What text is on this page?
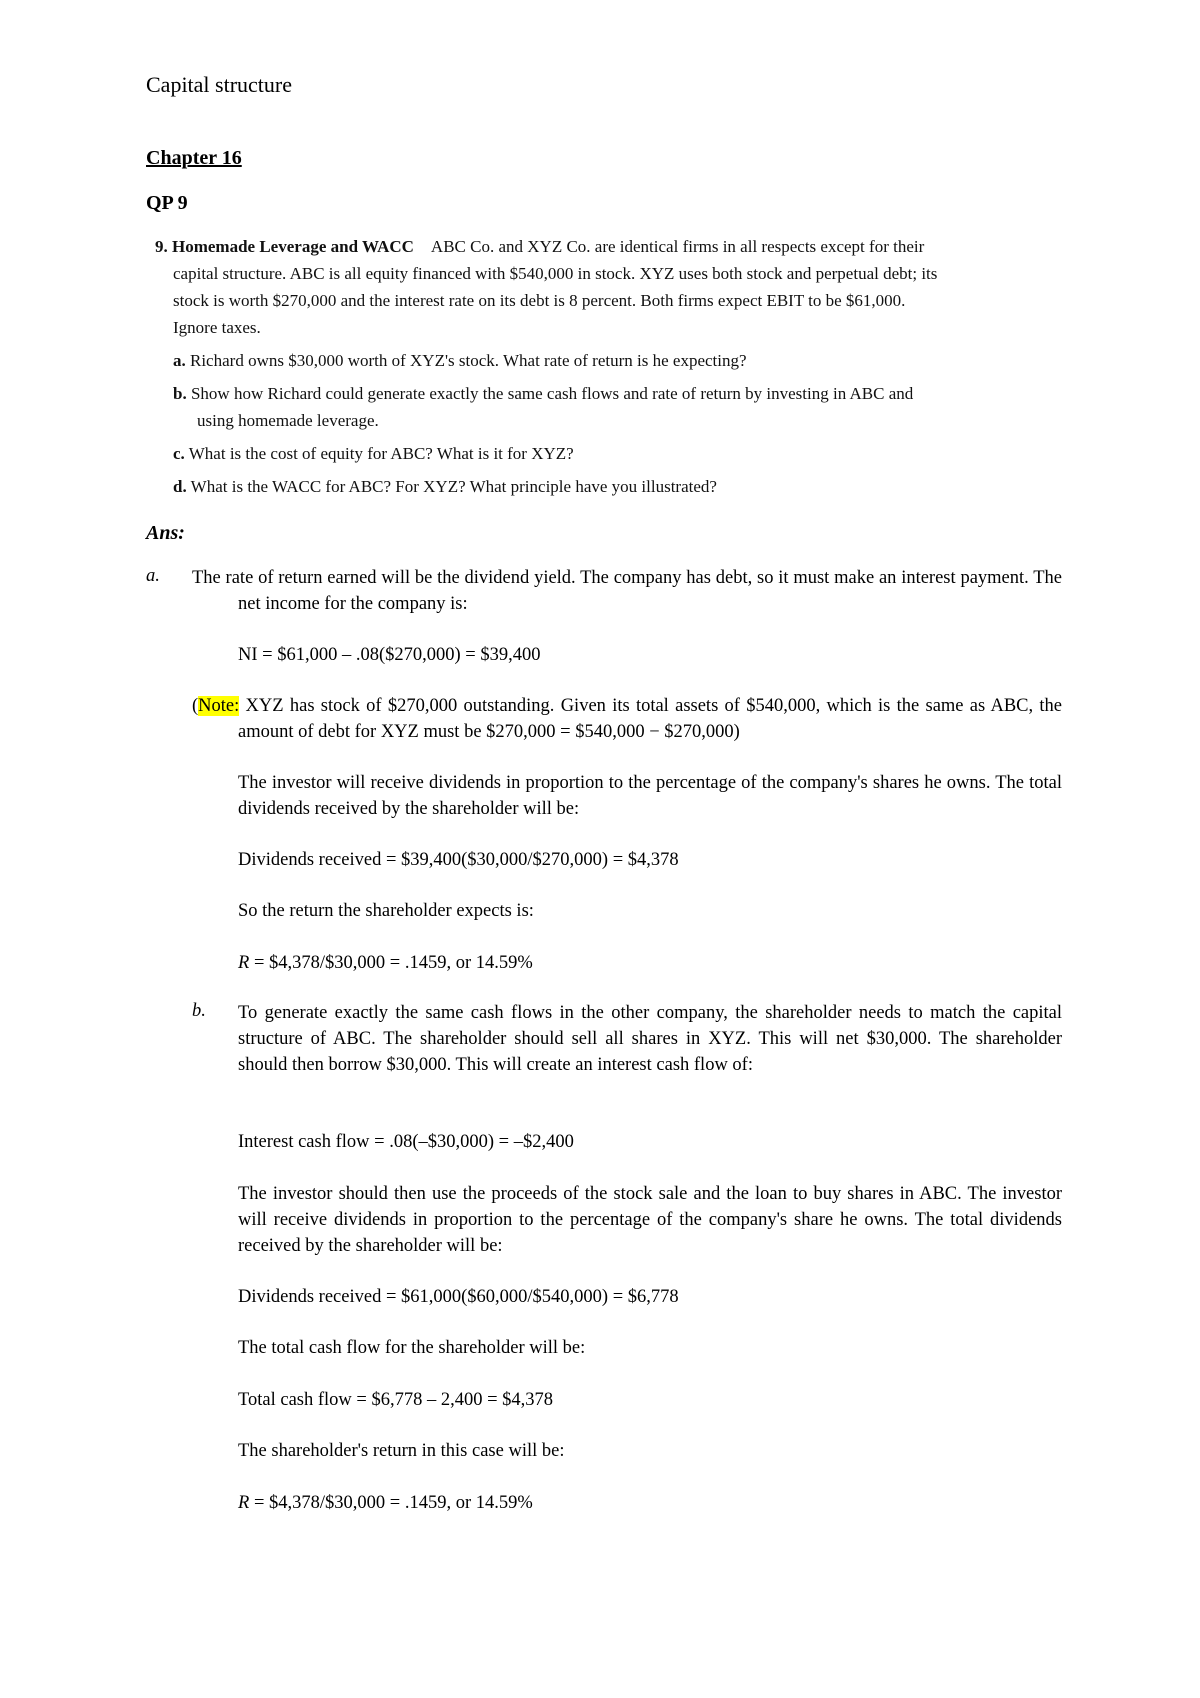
Capital structure
Chapter 16
QP 9
9. Homemade Leverage and WACC ABC Co. and XYZ Co. are identical firms in all respects except for their
capital structure. ABC is all equity financed with $540,000 in stock. XYZ uses both stock and perpetual debt; its
stock is worth $270,000 and the interest rate on its debt is 8 percent. Both firms expect EBIT to be $61,000.
Ignore taxes.
a. Richard owns $30,000 worth of XYZ's stock. What rate of return is he expecting?
b. Show how Richard could generate exactly the same cash flows and rate of return by investing in ABC and
using homemade leverage.
c. What is the cost of equity for ABC? What is it for XYZ?
d. What is the WACC for ABC? For XYZ? What principle have you illustrated?
Ans:
a. The rate of return earned will be the dividend yield. The company has debt, so it must make an interest payment. The net income for the company is:
NI = $61,000 – .08($270,000) = $39,400
(Note: XYZ has stock of $270,000 outstanding. Given its total assets of $540,000, which is the same as ABC, the amount of debt for XYZ must be $270,000 = $540,000 − $270,000)
The investor will receive dividends in proportion to the percentage of the company's shares he owns. The total dividends received by the shareholder will be:
Dividends received = $39,400($30,000/$270,000) = $4,378
So the return the shareholder expects is:
R = $4,378/$30,000 = .1459, or 14.59%
b. To generate exactly the same cash flows in the other company, the shareholder needs to match the capital structure of ABC. The shareholder should sell all shares in XYZ. This will net $30,000. The shareholder should then borrow $30,000. This will create an interest cash flow of:
Interest cash flow = .08(–$30,000) = –$2,400
The investor should then use the proceeds of the stock sale and the loan to buy shares in ABC. The investor will receive dividends in proportion to the percentage of the company's share he owns. The total dividends received by the shareholder will be:
Dividends received = $61,000($60,000/$540,000) = $6,778
The total cash flow for the shareholder will be:
Total cash flow = $6,778 – 2,400 = $4,378
The shareholder's return in this case will be:
R = $4,378/$30,000 = .1459, or 14.59%
